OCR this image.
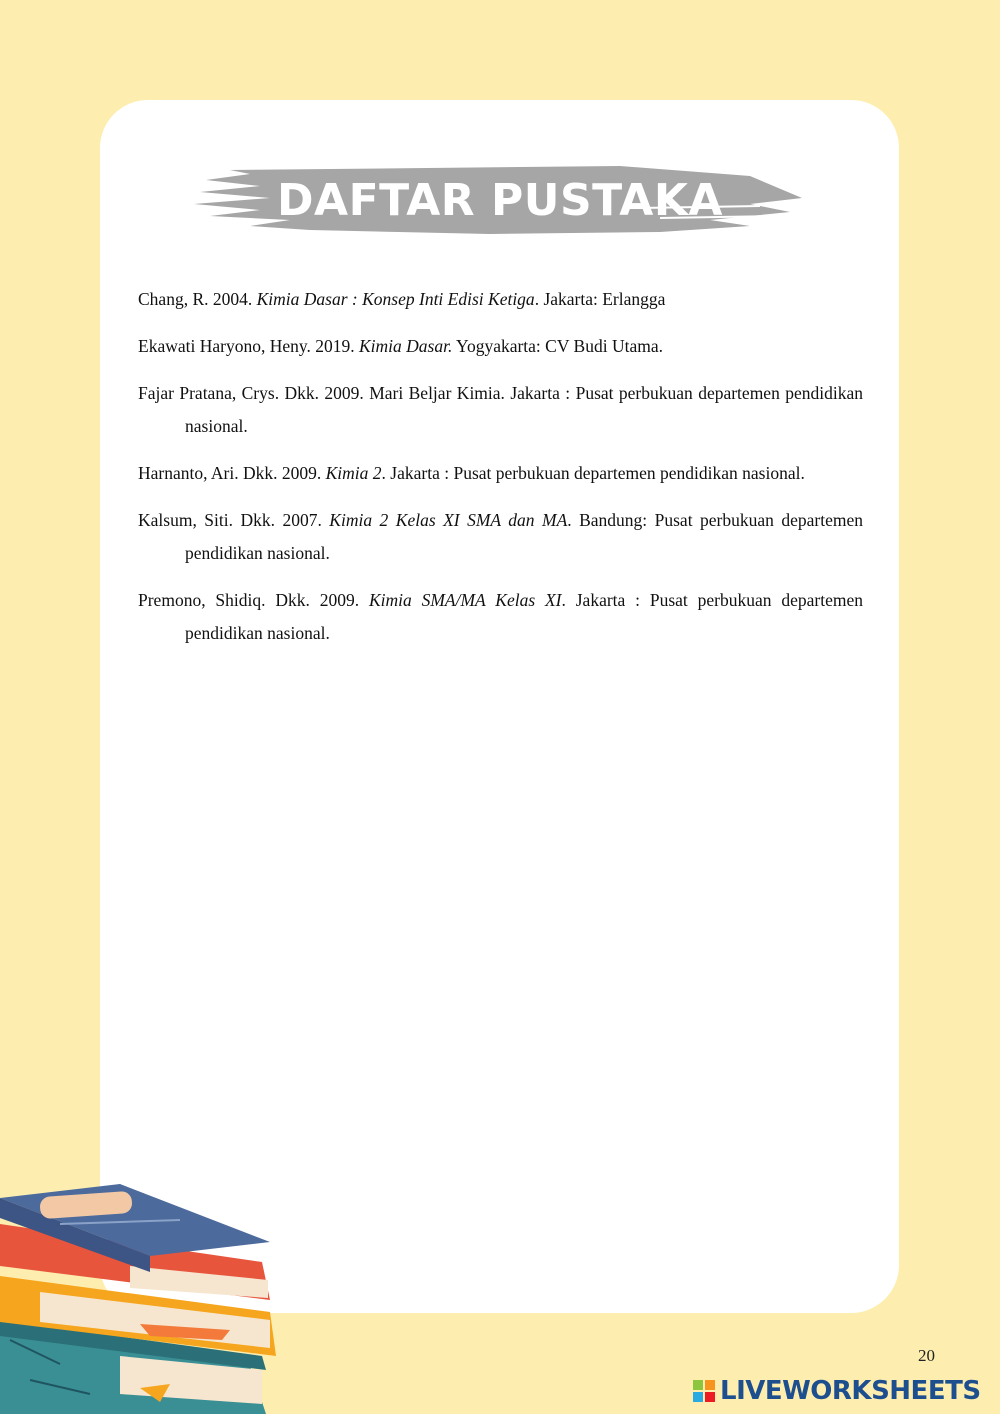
DAFTAR PUSTAKA

Chang, R. 2004. Kimia Dasar : Konsep Inti Edisi Ketiga. Jakarta: Erlangga

Ekawati Haryono, Heny. 2019. Kimia Dasar. Yogyakarta: CV Budi Utama.

Fajar Pratana, Crys. Dkk. 2009. Mari Beljar Kimia. Jakarta : Pusat perbukuan departemen pendidikan nasional.

Harnanto, Ari. Dkk. 2009. Kimia 2. Jakarta : Pusat perbukuan departemen pendidikan nasional.

Kalsum, Siti. Dkk. 2007. Kimia 2 Kelas XI SMA dan MA. Bandung: Pusat perbukuan departemen pendidikan nasional.

Premono, Shidiq. Dkk. 2009. Kimia SMA/MA Kelas XI. Jakarta : Pusat perbukuan departemen pendidikan nasional.

20
LIVEWORKSHEETS
